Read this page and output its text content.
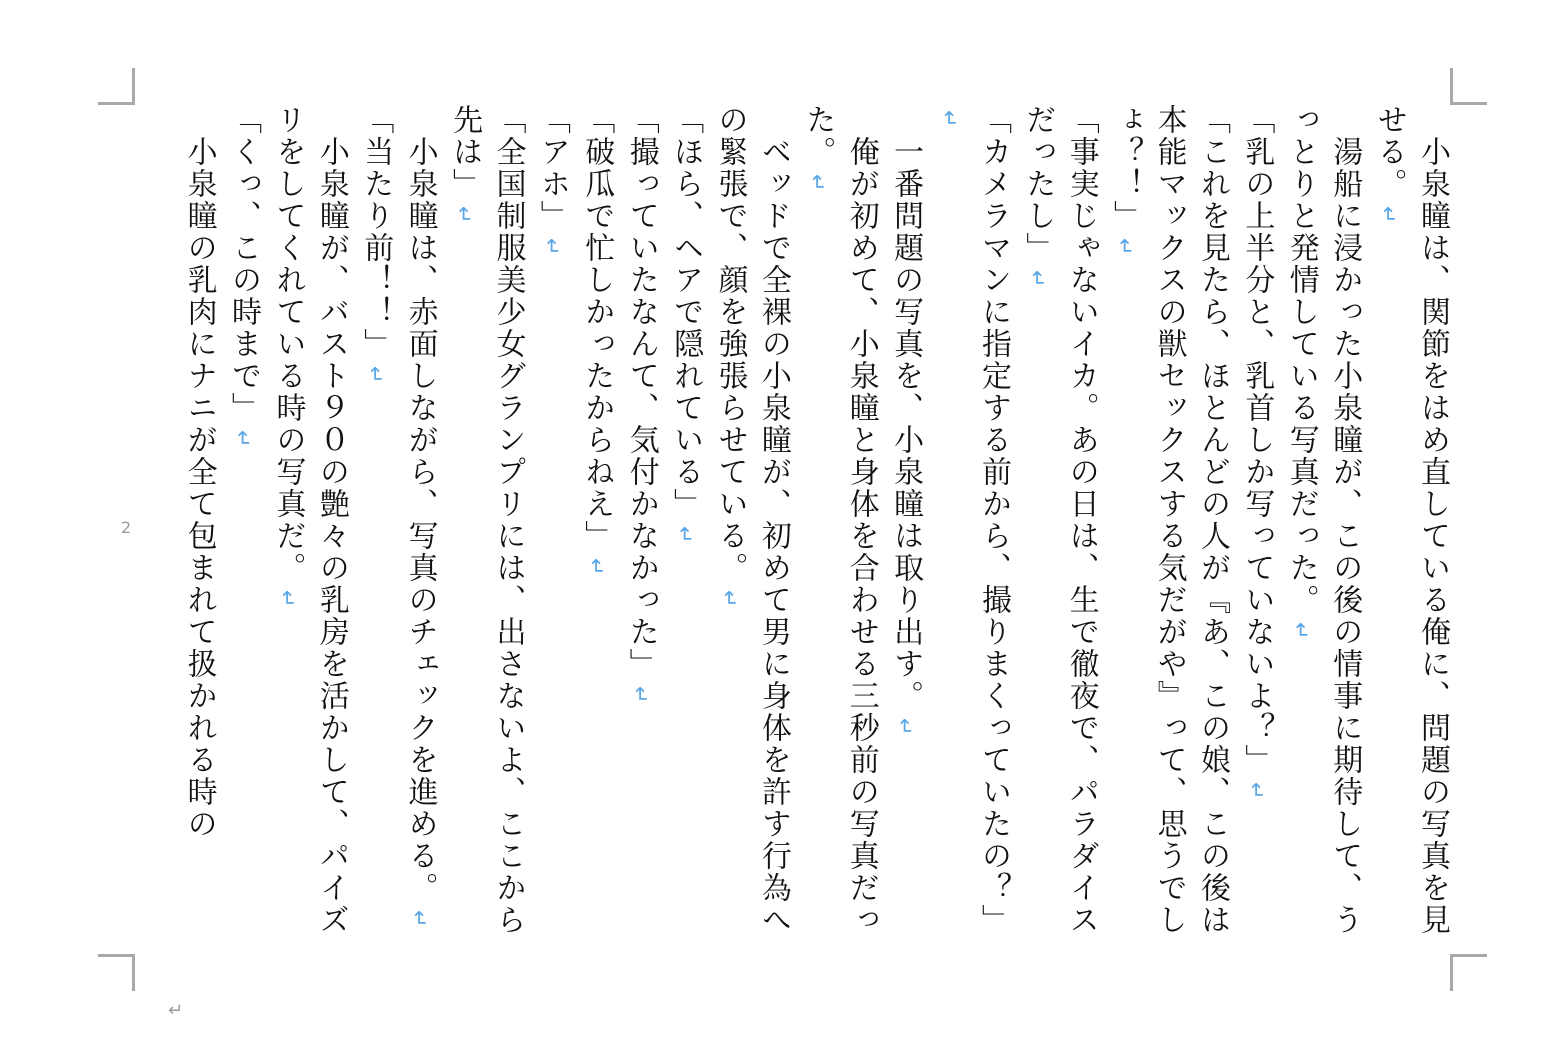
　小泉瞳は、関節をはめ直している俺に、問題の写真を見せる。↵

　湯船に浸かった小泉瞳が、この後の情事に期待して、うっとりと発情している写真だった。↵

「乳の上半分と、乳首しか写っていないよ？」↵

「これを見たら、ほとんどの人が『あ、この娘、この後は本能マックスの獣セックスする気だがや』って、思うでしょ？！」↵

「事実じゃないイカ。あの日は、生で徹夜で、パラダイスだったし」↵

「カメラマンに指定する前から、撮りまくっていたの？」↵

　一番問題の写真を、小泉瞳は取り出す。↵

　俺が初めて、小泉瞳と身体を合わせる三秒前の写真だった。↵

　ベッドで全裸の小泉瞳が、初めて男に身体を許す行為への緊張で、顔を強張らせている。↵

「ほら、ヘアで隠れている」↵

「撮っていたなんて、気付かなかった」↵

「破瓜で忙しかったからねえ」↵

「アホ」↵

「全国制服美少女グランプリには、出さないよ、ここから先は」↵

　小泉瞳は、赤面しながら、写真のチェックを進める。↵

「当たり前！！」↵

　小泉瞳が、バスト９０の艶々の乳房を活かして、パイズリをしてくれている時の写真だ。↵

「くっ、この時まで」↵

　小泉瞳の乳肉にナニが全て包まれて扱かれる時の

2
↵
